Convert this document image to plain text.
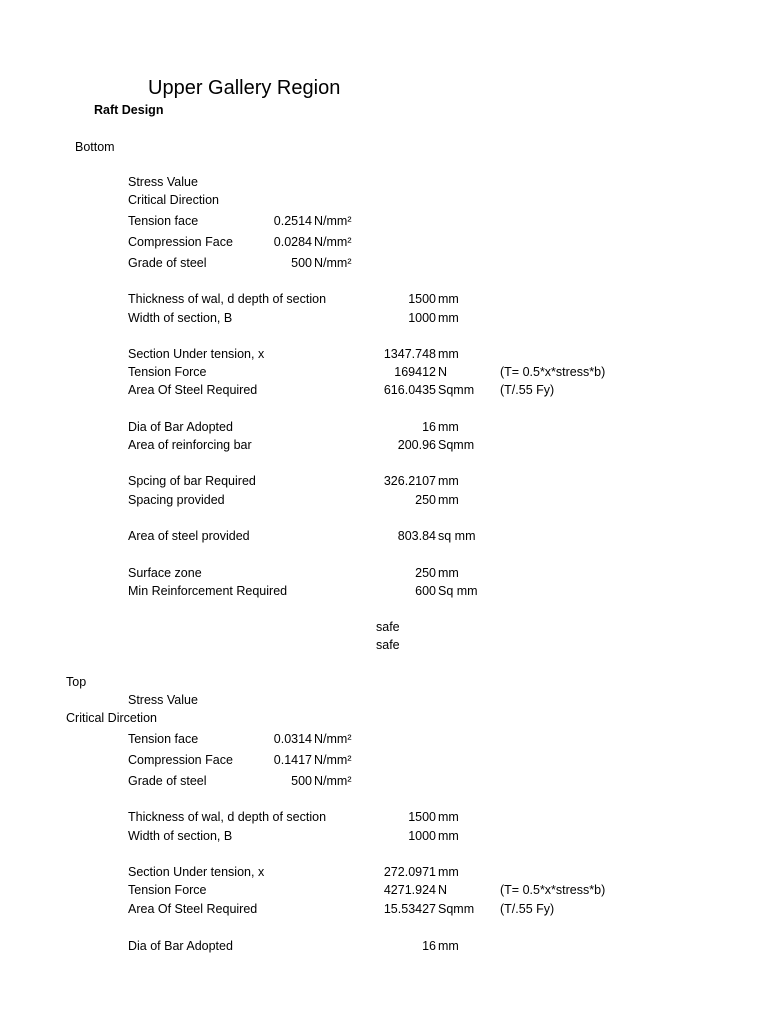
Upper Gallery Region
Raft Design
Bottom
Stress Value
Critical Direction
Tension face	0.2514 N/mm²
Compression Face	0.0284 N/mm²
Grade of steel	500 N/mm²
Thickness of wal, d depth of section	1500 mm
Width of section, B	1000 mm
Section Under tension, x	1347.748 mm
Tension Force	169412 N	(T= 0.5*x*stress*b)
Area Of Steel Required	616.0435 Sqmm (T/.55 Fy)
Dia of Bar Adopted	16 mm
Area of reinforcing bar	200.96 Sqmm
Spcing of bar Required	326.2107 mm
Spacing provided	250 mm
Area of steel provided	803.84 sq mm
Surface zone	250 mm
Min Reinforcement Required	600 Sq mm
safe
safe
Top
Stress Value
Critical Dircetion
Tension face	0.0314 N/mm²
Compression Face	0.1417 N/mm²
Grade of steel	500 N/mm²
Thickness of wal, d depth of section	1500 mm
Width of section, B	1000 mm
Section Under tension, x	272.0971 mm
Tension Force	4271.924 N	(T= 0.5*x*stress*b)
Area Of Steel Required	15.53427 Sqmm (T/.55 Fy)
Dia of Bar Adopted	16 mm
